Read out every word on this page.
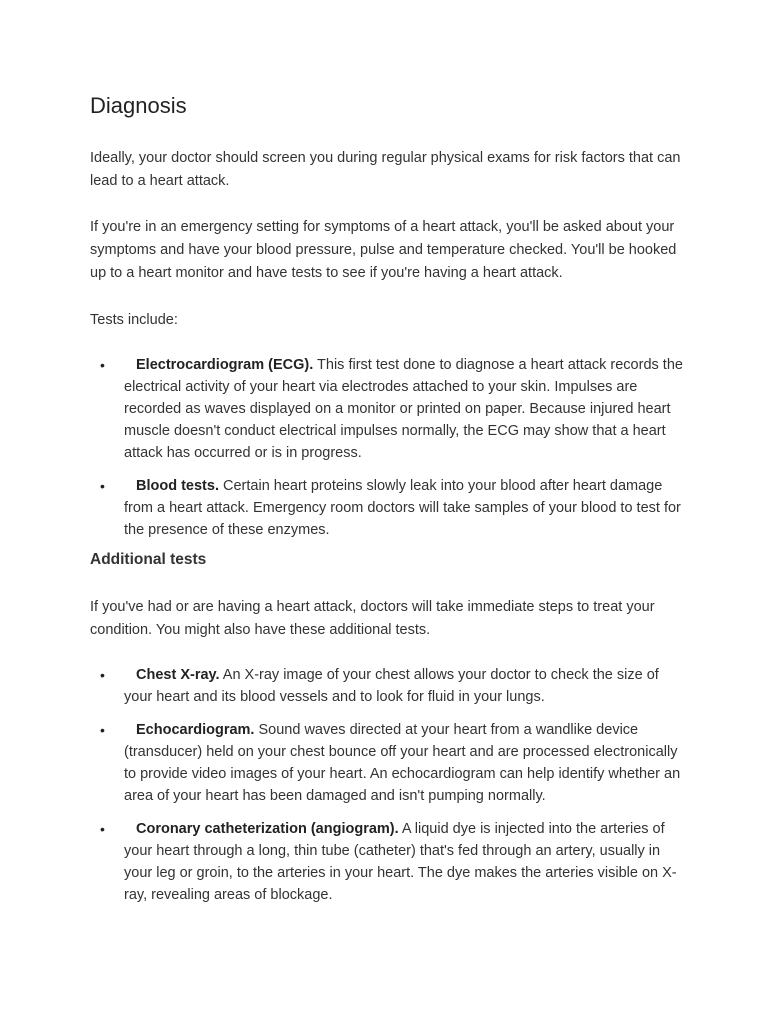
Diagnosis

Ideally, your doctor should screen you during regular physical exams for risk factors that can lead to a heart attack.

If you're in an emergency setting for symptoms of a heart attack, you'll be asked about your symptoms and have your blood pressure, pulse and temperature checked. You'll be hooked up to a heart monitor and have tests to see if you're having a heart attack.

Tests include:

• Electrocardiogram (ECG). This first test done to diagnose a heart attack records the electrical activity of your heart via electrodes attached to your skin. Impulses are recorded as waves displayed on a monitor or printed on paper. Because injured heart muscle doesn't conduct electrical impulses normally, the ECG may show that a heart attack has occurred or is in progress.
• Blood tests. Certain heart proteins slowly leak into your blood after heart damage from a heart attack. Emergency room doctors will take samples of your blood to test for the presence of these enzymes.
Additional tests

If you've had or are having a heart attack, doctors will take immediate steps to treat your condition. You might also have these additional tests.

• Chest X-ray. An X-ray image of your chest allows your doctor to check the size of your heart and its blood vessels and to look for fluid in your lungs.
• Echocardiogram. Sound waves directed at your heart from a wandlike device (transducer) held on your chest bounce off your heart and are processed electronically to provide video images of your heart. An echocardiogram can help identify whether an area of your heart has been damaged and isn't pumping normally.
• Coronary catheterization (angiogram). A liquid dye is injected into the arteries of your heart through a long, thin tube (catheter) that's fed through an artery, usually in your leg or groin, to the arteries in your heart. The dye makes the arteries visible on X-ray, revealing areas of blockage.
